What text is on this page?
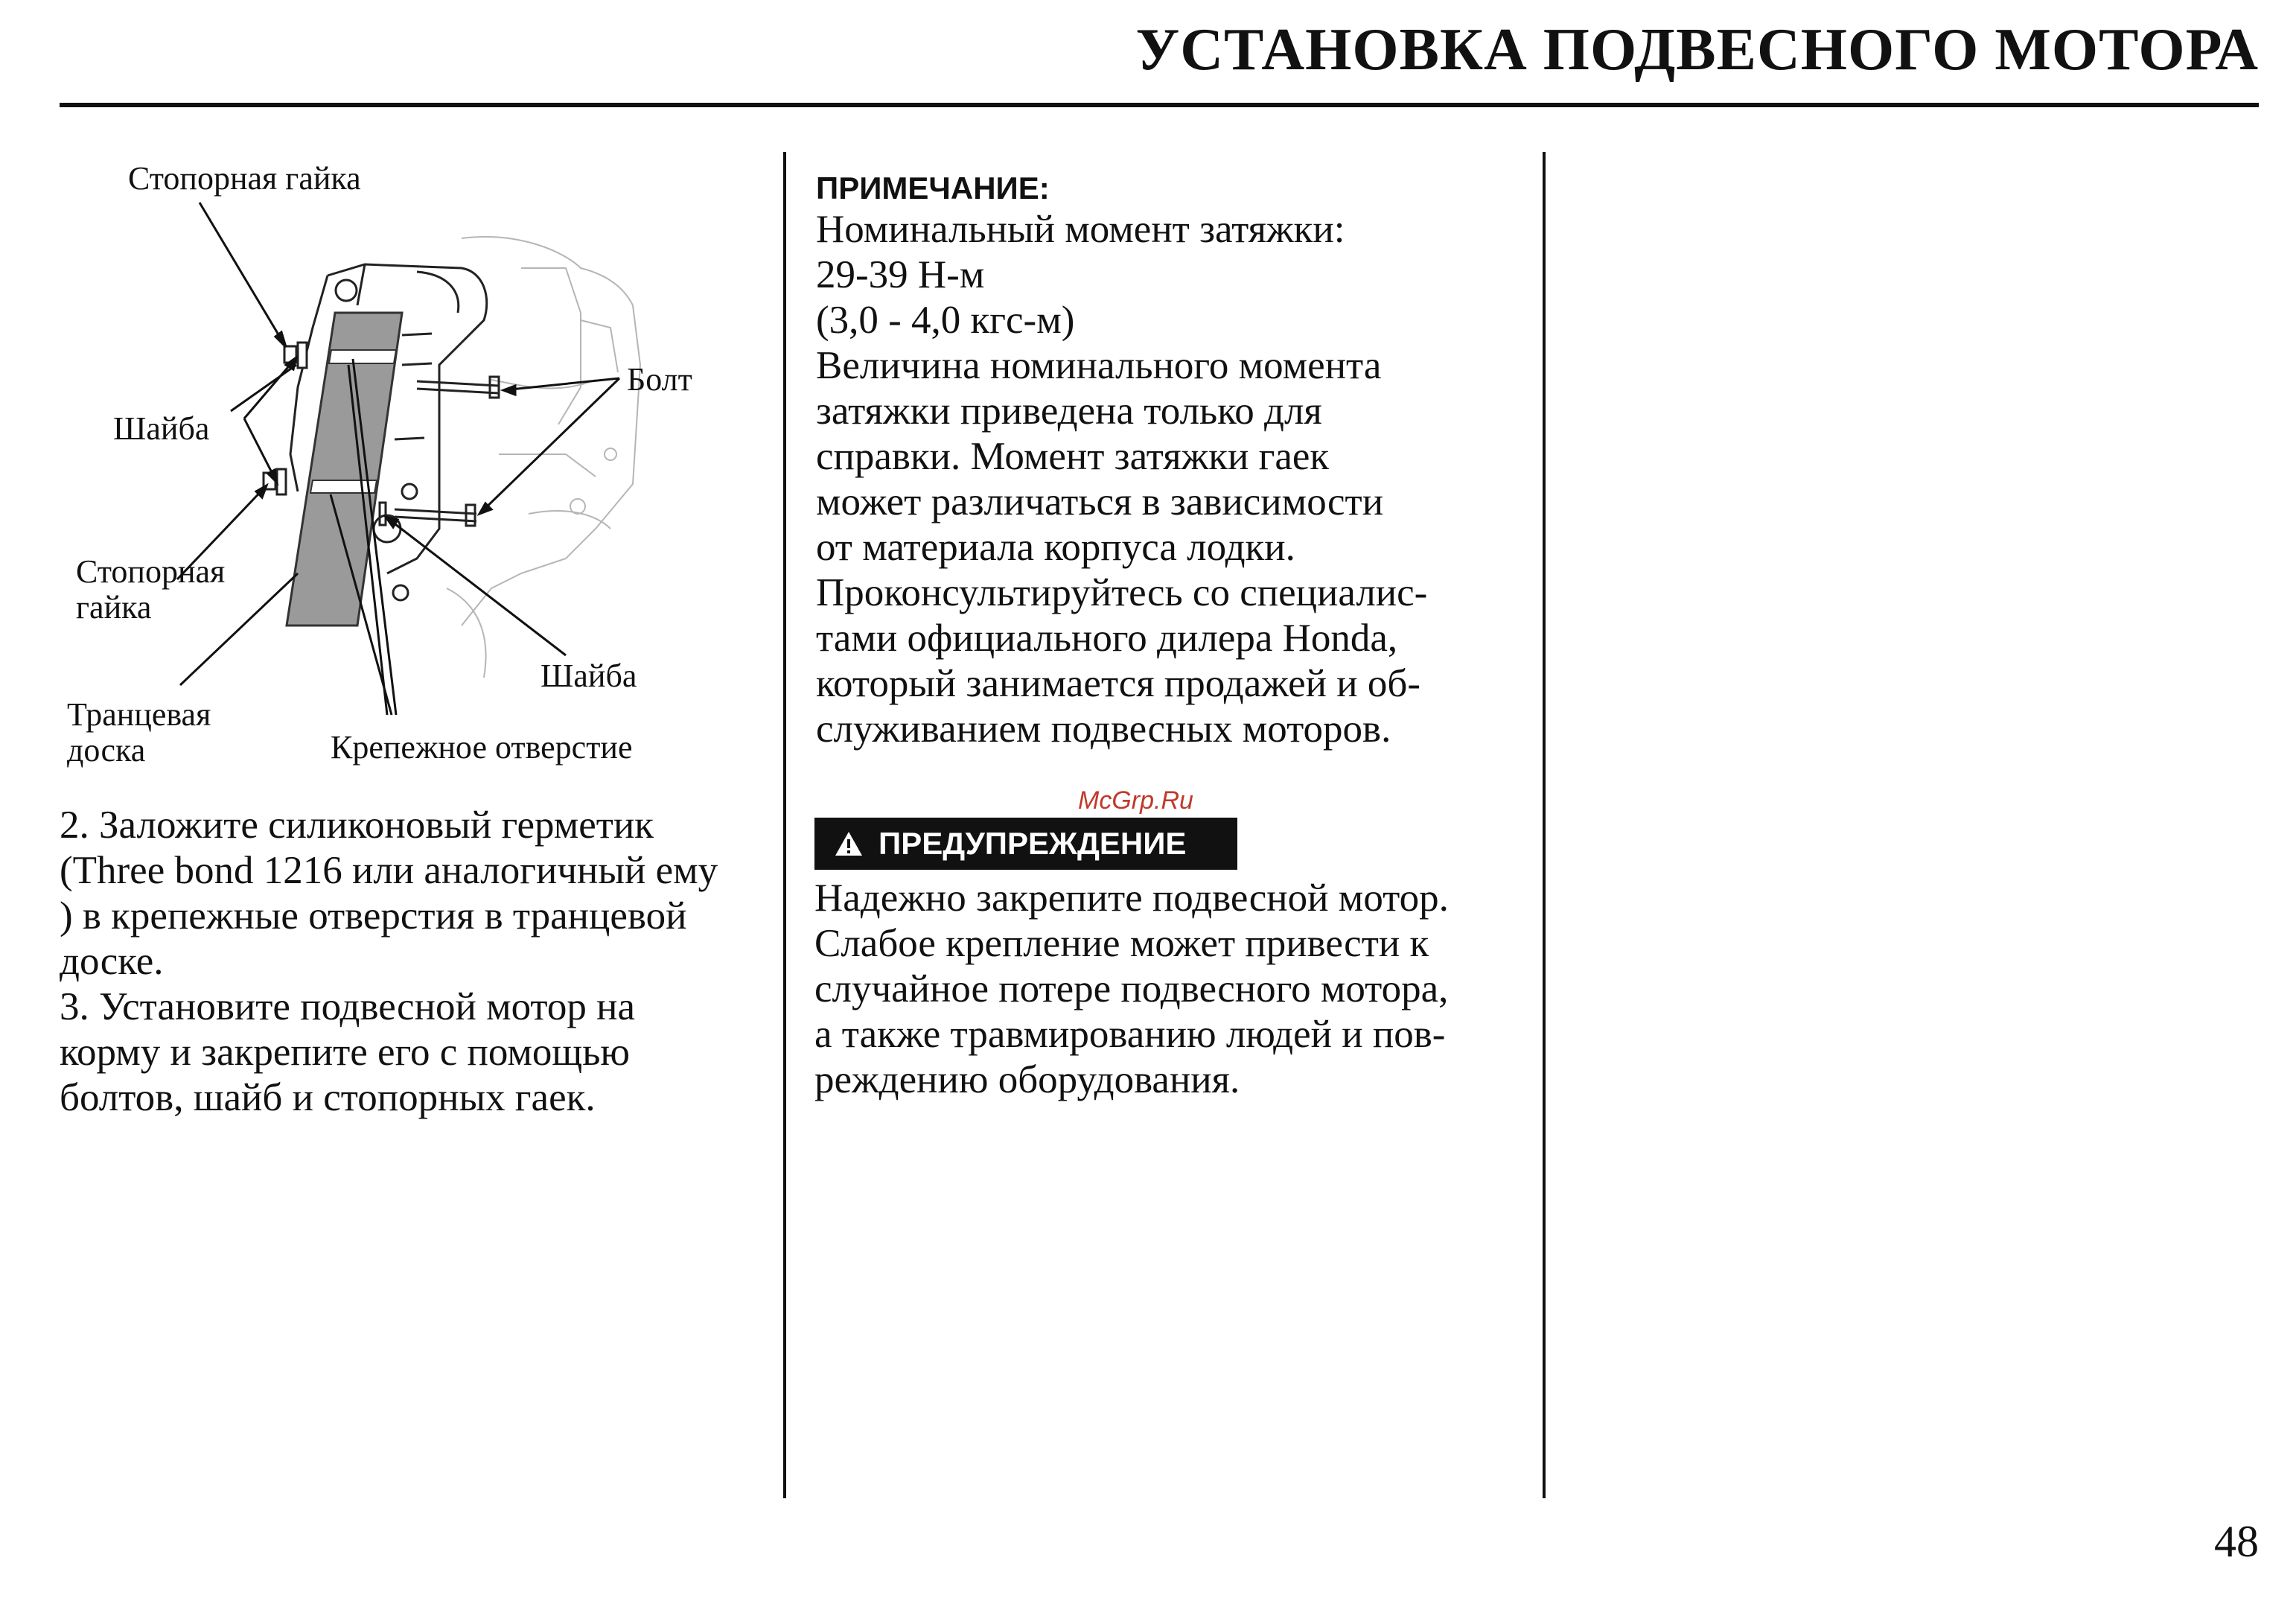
УСТАНОВКА ПОДВЕСНОГО МОТОРА
Стопорная гайка
Болт
Шайба
Стопорная
гайка
Шайба
Транцевая
доска	Крепежное отверстие

2. Заложите силиконовый герметик
(Three bond 1216 или аналогичный ему
) в крепежные отверстия в транцевой
доске.

3. Установите подвесной мотор на
корму и закрепите его с помощью
болтов, шайб и стопорных гаек.

ПРИМЕЧАНИЕ:
Номинальный момент затяжки:
29-39 Н-м
(3,0 - 4,0 кгс-м)
Величина номинального момента
затяжки приведена только для
справки. Момент затяжки гаек
может различаться в зависимости
от материала корпуса лодки.
Проконсультируйтесь со специалис-
тами официального дилера Honda,
который занимается продажей и об-
служиванием подвесных моторов.
McGrp.Ru
ПРЕДУПРЕЖДЕНИЕ
Надежно закрепите подвесной мотор.
Слабое крепление может привести к
случайное потере подвесного мотора,
а также травмированию людей и пов-
реждению оборудования.
48
